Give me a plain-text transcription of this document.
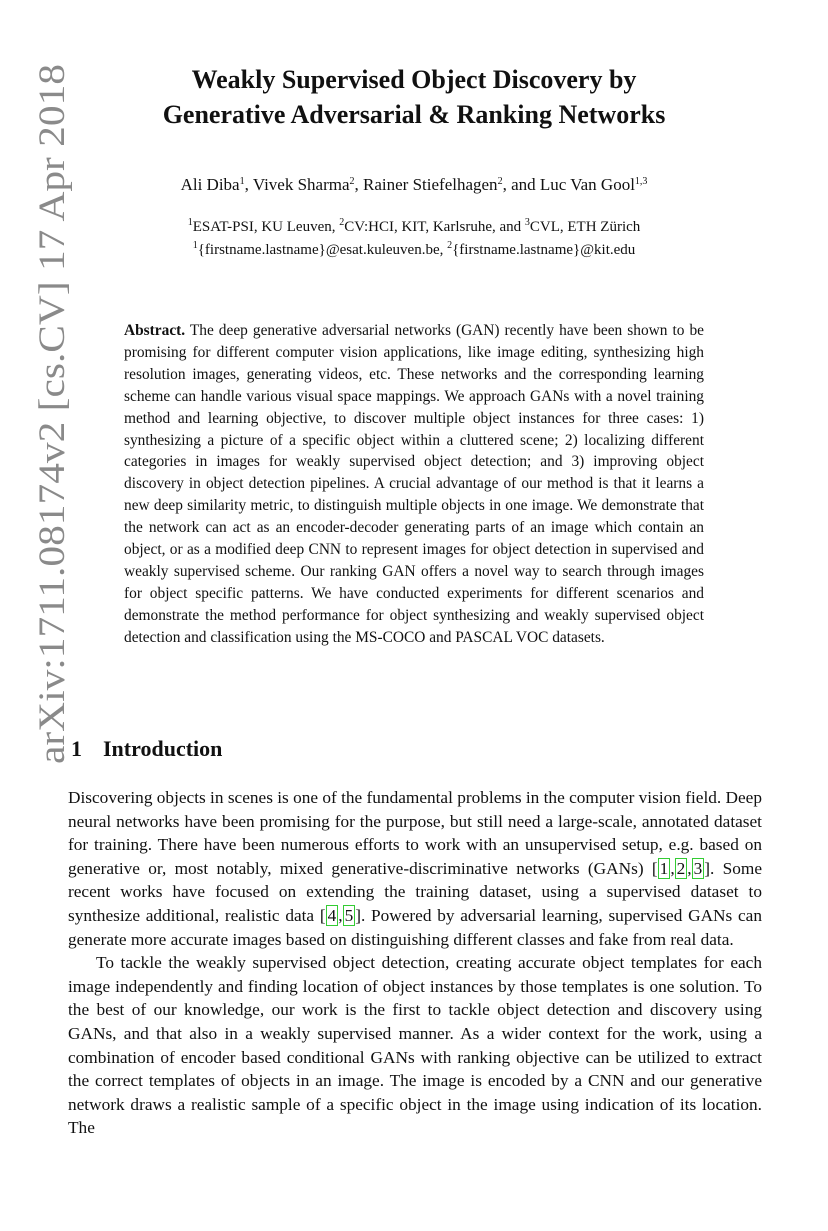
arXiv:1711.08174v2 [cs.CV] 17 Apr 2018
Weakly Supervised Object Discovery by
Generative Adversarial & Ranking Networks
Ali Diba$^1$, Vivek Sharma$^2$, Rainer Stiefelhagen$^2$, and Luc Van Gool$^{1,3}$
$^1$ESAT-PSI, KU Leuven, $^2$CV:HCI, KIT, Karlsruhe, and $^3$CVL, ETH Zürich
$^1${firstname.lastname}@esat.kuleuven.be, $^2${firstname.lastname}@kit.edu
Abstract. The deep generative adversarial networks (GAN) recently have been shown to be promising for different computer vision applications, like image editing, synthesizing high resolution images, generating videos, etc. These networks and the corresponding learning scheme can handle various visual space mappings. We approach GANs with a novel training method and learning objective, to discover multiple object instances for three cases: 1) synthesizing a picture of a specific object within a cluttered scene; 2) localizing different categories in images for weakly supervised object detection; and 3) improving object discovery in object detection pipelines. A crucial advantage of our method is that it learns a new deep similarity metric, to distinguish multiple objects in one image. We demonstrate that the network can act as an encoder-decoder generating parts of an image which contain an object, or as a modified deep CNN to represent images for object detection in supervised and weakly supervised scheme. Our ranking GAN offers a novel way to search through images for object specific patterns. We have conducted experiments for different scenarios and demonstrate the method performance for object synthesizing and weakly supervised object detection and classification using the MS-COCO and PASCAL VOC datasets.
1 Introduction

Discovering objects in scenes is one of the fundamental problems in the computer vision field. Deep neural networks have been promising for the purpose, but still need a large-scale, annotated dataset for training. There have been numerous efforts to work with an unsupervised setup, e.g. based on generative or, most notably, mixed generative-discriminative networks (GANs) [ 1 , 2 , 3 ]. Some recent works have focused on extending the training dataset, using a supervised dataset to synthesize additional, realistic data [ 4 , 5 ]. Powered by adversarial learning, supervised GANs can generate more accurate images based on distinguishing different classes and fake from real data.

To tackle the weakly supervised object detection, creating accurate object templates for each image independently and finding location of object instances by those templates is one solution. To the best of our knowledge, our work is the first to tackle object detection and discovery using GANs, and that also in a weakly supervised manner. As a wider context for the work, using a combination of encoder based conditional GANs with ranking objective can be utilized to extract the correct templates of objects in an image. The image is encoded by a CNN and our generative network draws a realistic sample of a specific object in the image using indication of its location. The
